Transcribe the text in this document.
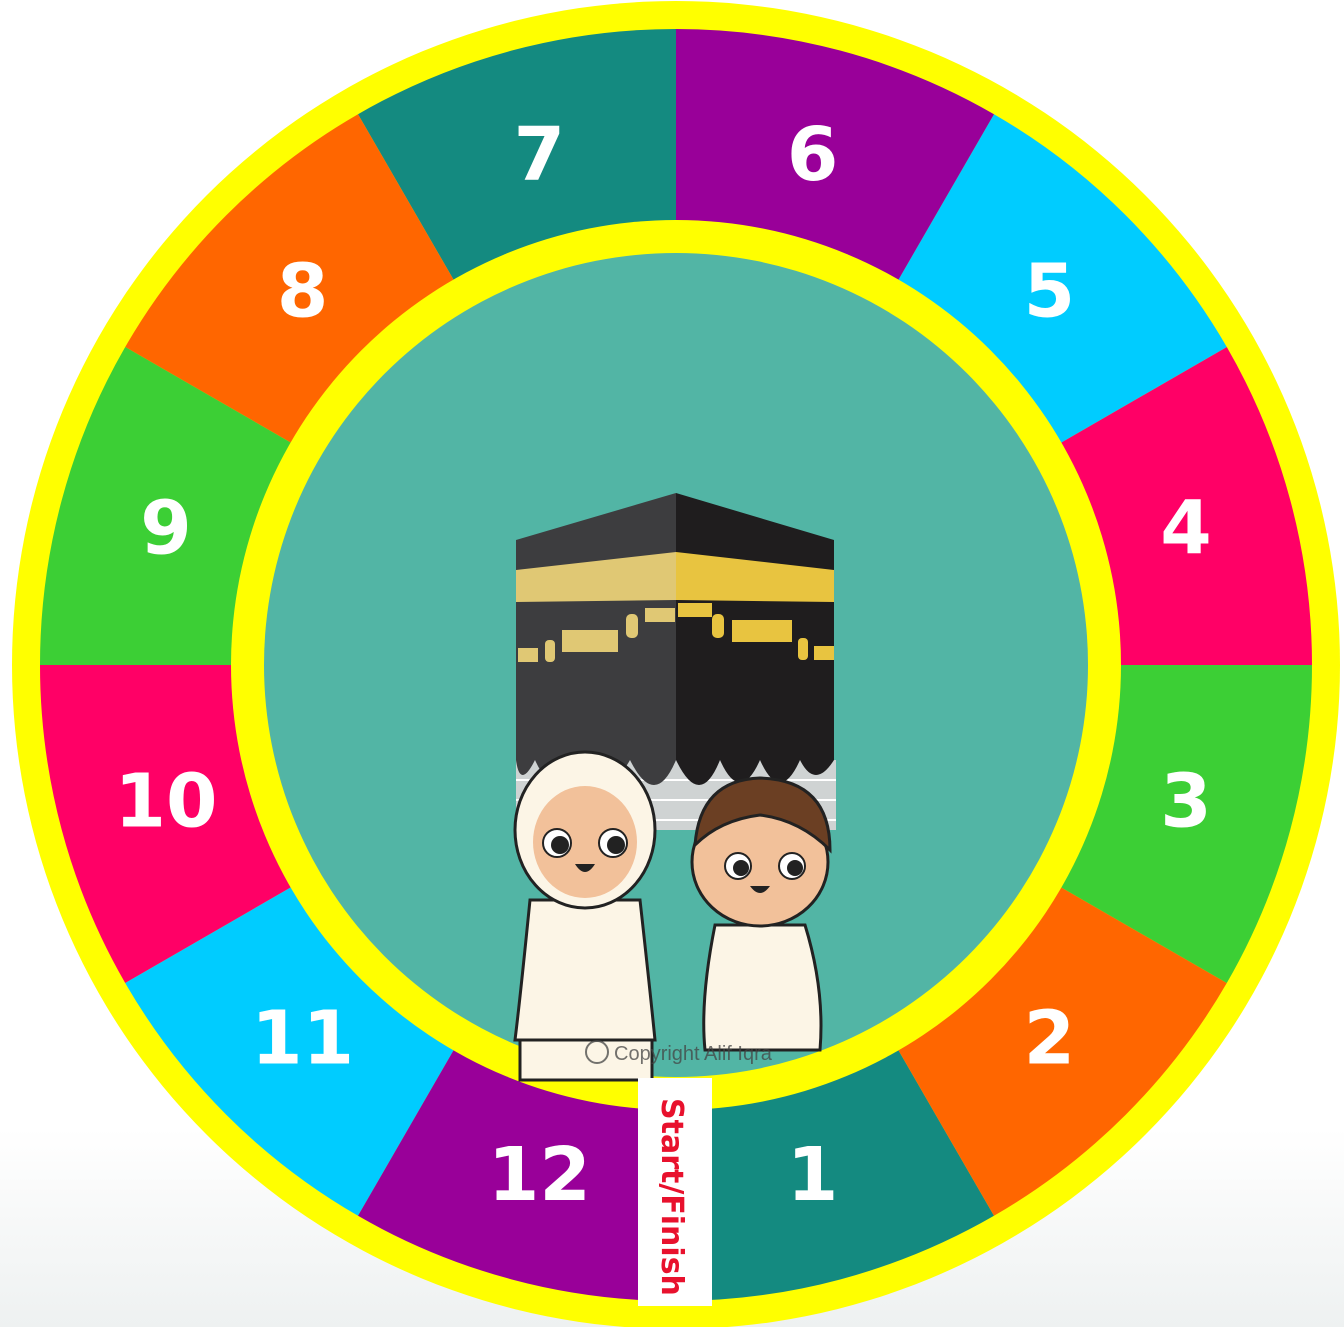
1
2
3
4
5
6
7
8
9
10
11
12
Copyright Alif Iqra
Start/Finish
